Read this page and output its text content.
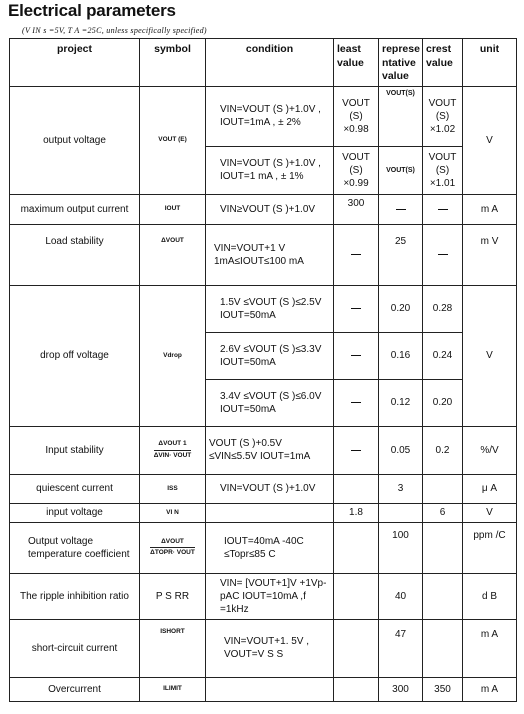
Electrical parameters
(V IN s =5V, T A =25C, unless specifically specified)
project	symbol	condition	least value	represe ntative value	crest value	unit
output voltage	VOUT (E)	VIN=VOUT (S )+1.0V , IOUT=1mA , ± 2%	VOUT (S) ×0.98	VOUT(S)	VOUT (S) ×1.02	V
		VIN=VOUT (S )+1.0V , IOUT=1 mA , ± 1%	VOUT (S) ×0.99	VOUT(S)	VOUT (S) ×1.01	
maximum output current	IOUT	VIN≥VOUT (S )+1.0V	300			m A
Load stability	ΔVOUT	VIN=VOUT+1 V 1mA≤IOUT≤100 mA		25		m V
drop off voltage	Vdrop	1.5V ≤VOUT (S )≤2.5V IOUT=50mA		0.20	0.28	V
		2.6V ≤VOUT (S )≤3.3V IOUT=50mA		0.16	0.24	
		3.4V ≤VOUT (S )≤6.0V IOUT=50mA		0.12	0.20	
Input stability	$\frac{\text{ΔVOUT 1}}{\text{ΔVIN· VOUT}}$	VOUT (S )+0.5V ≤VIN≤5.5V IOUT=1mA		0.05	0.2	%/V
quiescent current	ISS	VIN=VOUT (S )+1.0V		3		μ A
input voltage	VI N		1.8		6	V
Output voltage temperature coefficient	$\frac{\text{ΔVOUT}}{\text{ΔTOPR· VOUT}}$	IOUT=40mA -40C ≤Topr≤85 C		100		ppm /C
The ripple inhibition ratio	P S RR	VIN= [VOUT+1]V +1Vp-pAC IOUT=10mA ,f =1kHz		40		d B
short-circuit current	ISHORT	VIN=VOUT+1. 5V , VOUT=V S S		47		m A
Overcurrent	ILIMIT			300	350	m A
